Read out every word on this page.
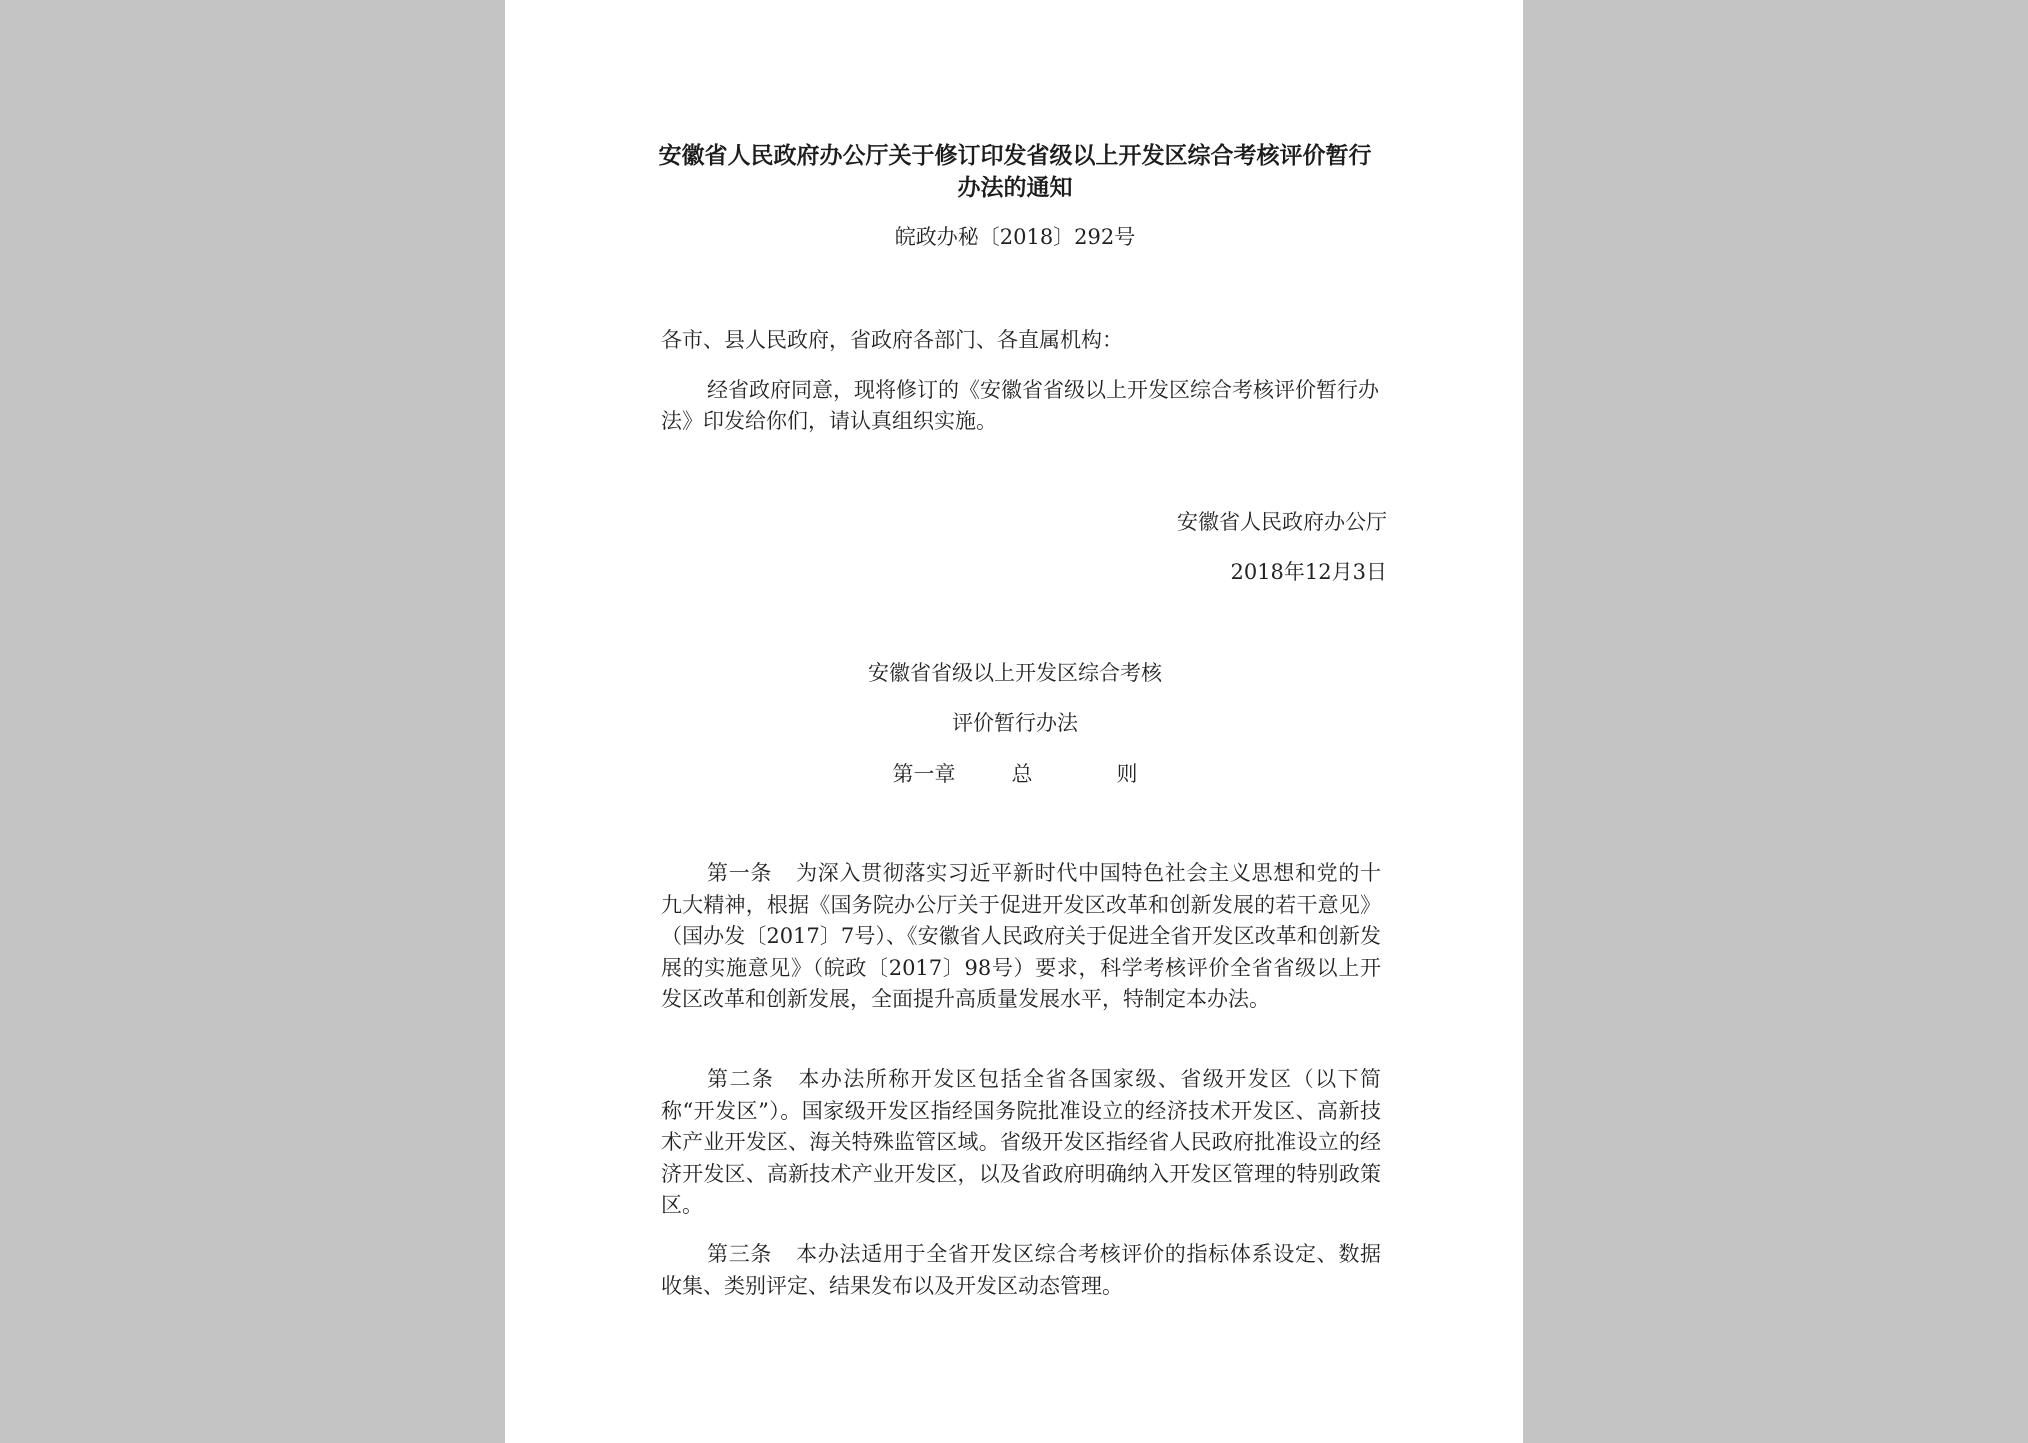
安徽省人民政府办公厅关于修订印发省级以上开发区综合考核评价暂行办法的通知
皖政办秘〔2018〕292号

各市、县人民政府，省政府各部门、各直属机构：

经省政府同意，现将修订的《安徽省省级以上开发区综合考核评价暂行办法》印发给你们，请认真组织实施。

安徽省人民政府办公厅
2018年12月3日
安徽省省级以上开发区综合考核
评价暂行办法
第一章	总	则

第一条 为深入贯彻落实习近平新时代中国特色社会主义思想和党的十九大精神，根据《国务院办公厅关于促进开发区改革和创新发展的若干意见》（国办发〔2017〕7号）、《安徽省人民政府关于促进全省开发区改革和创新发展的实施意见》（皖政〔2017〕98号）要求，科学考核评价全省省级以上开发区改革和创新发展，全面提升高质量发展水平，特制定本办法。

第二条 本办法所称开发区包括全省各国家级、省级开发区（以下简称“开发区”）。国家级开发区指经国务院批准设立的经济技术开发区、高新技术产业开发区、海关特殊监管区域。省级开发区指经省人民政府批准设立的经济开发区、高新技术产业开发区，以及省政府明确纳入开发区管理的特别政策区。

第三条 本办法适用于全省开发区综合考核评价的指标体系设定、数据收集、类别评定、结果发布以及开发区动态管理。
